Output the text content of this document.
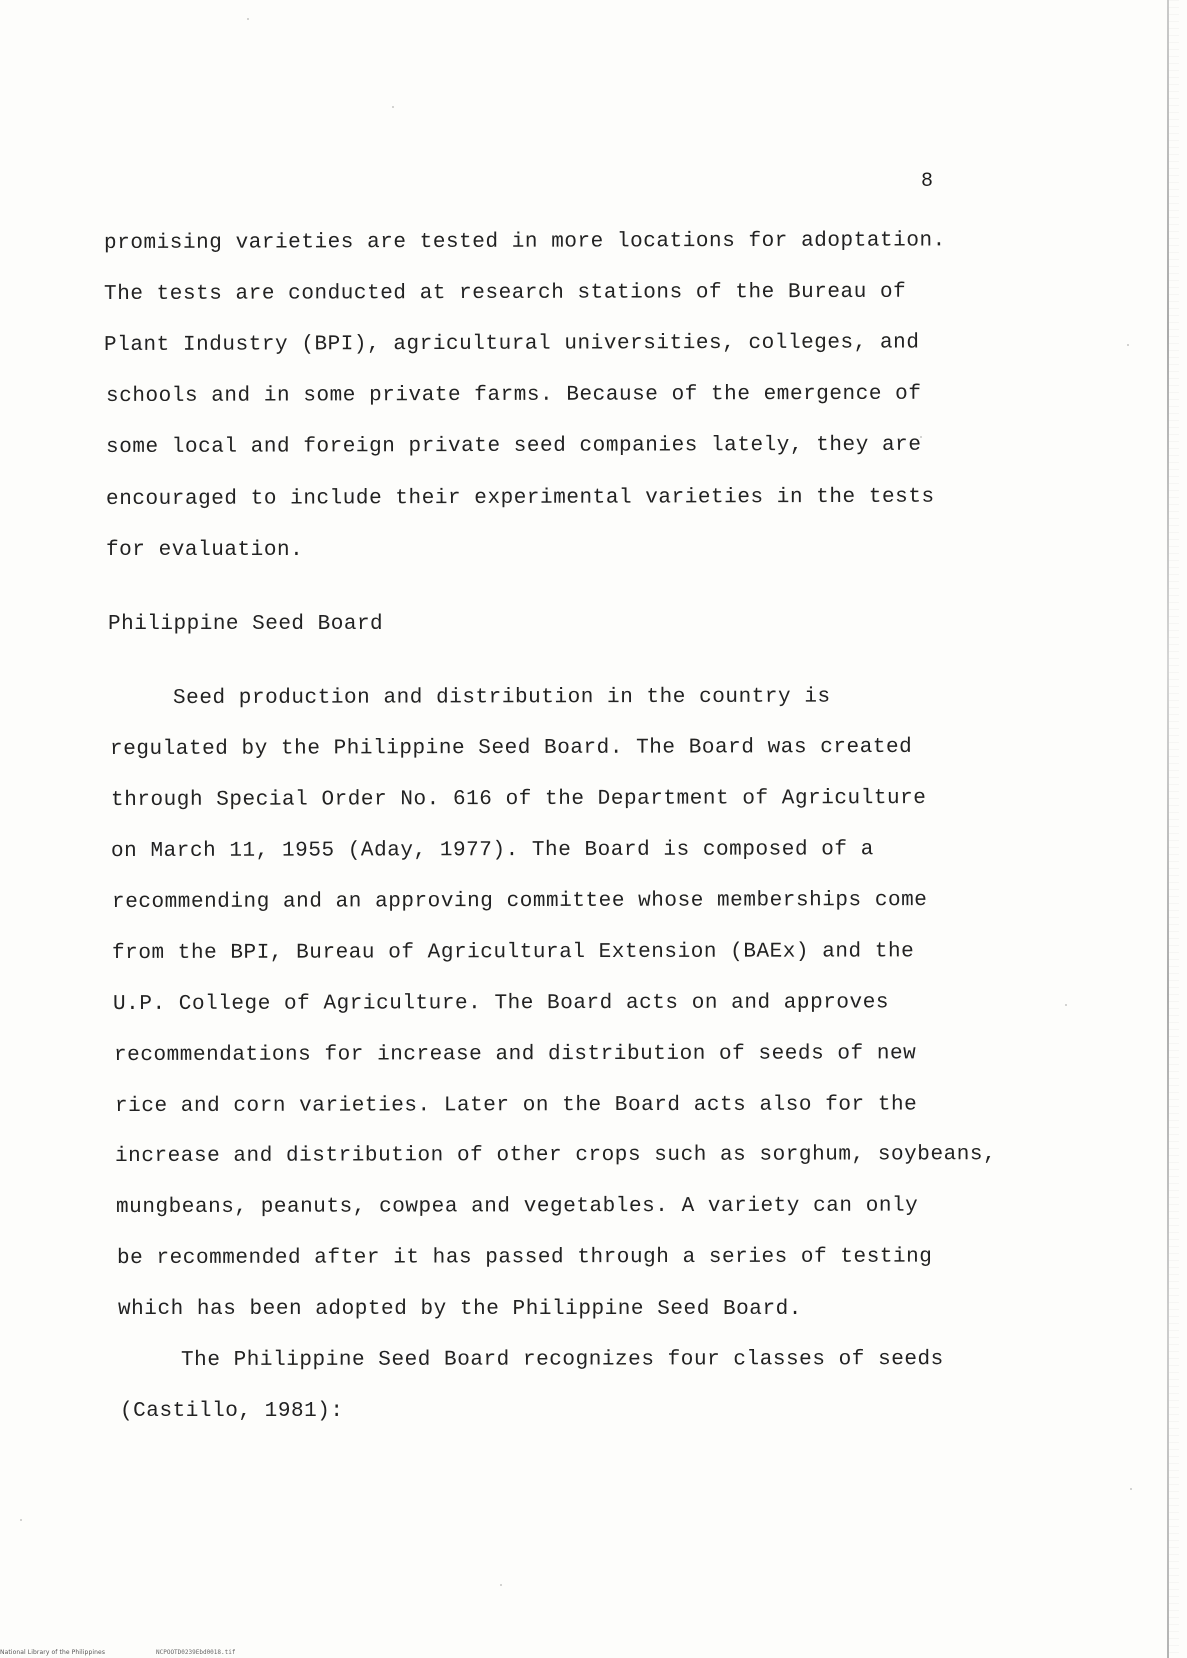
8
promising varieties are tested in more locations for adoptation.
The tests are conducted at research stations of the Bureau of
Plant Industry (BPI), agricultural universities, colleges, and
schools and in some private farms. Because of the emergence of
some local and foreign private seed companies lately, they are
encouraged to include their experimental varieties in the tests
for evaluation.
Philippine Seed Board
Seed production and distribution in the country is
regulated by the Philippine Seed Board. The Board was created
through Special Order No. 616 of the Department of Agriculture
on March 11, 1955 (Aday, 1977). The Board is composed of a
recommending and an approving committee whose memberships come
from the BPI, Bureau of Agricultural Extension (BAEx) and the
U.P. College of Agriculture. The Board acts on and approves
recommendations for increase and distribution of seeds of new
rice and corn varieties. Later on the Board acts also for the
increase and distribution of other crops such as sorghum, soybeans,
mungbeans, peanuts, cowpea and vegetables. A variety can only
be recommended after it has passed through a series of testing
which has been adopted by the Philippine Seed Board.
The Philippine Seed Board recognizes four classes of seeds
(Castillo, 1981):
National Library of the Philippines	NCPOOTD0239Ebd0018.tif
